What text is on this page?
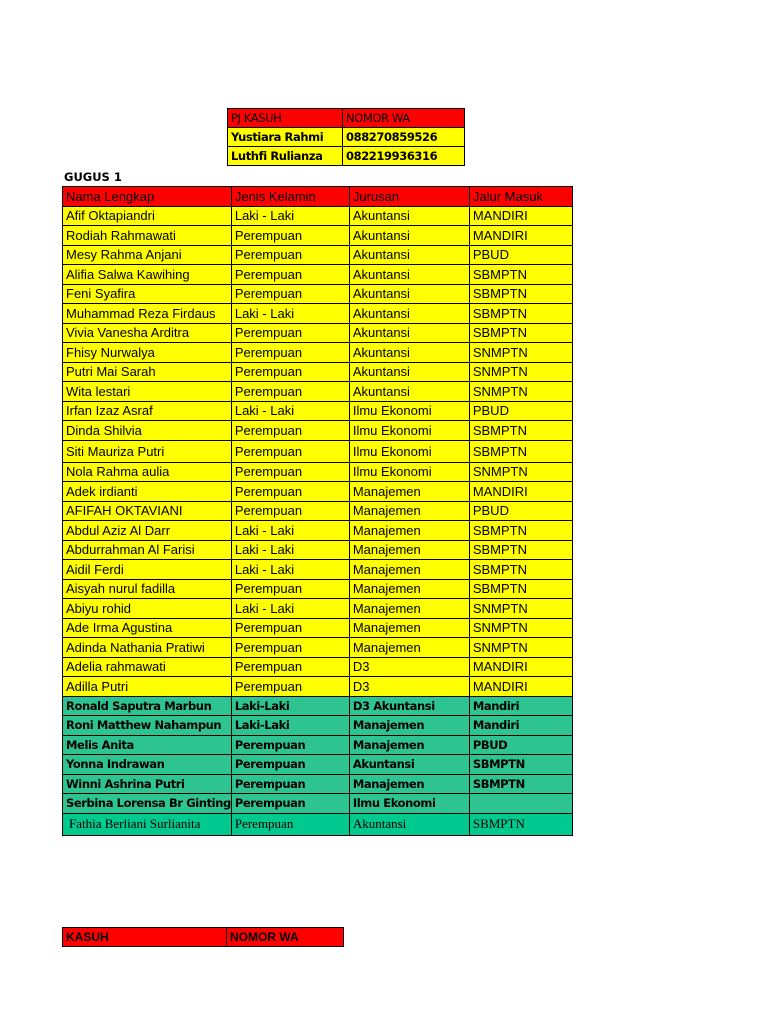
PJ KASUH	NOMOR WA
Yustiara Rahmi	088270859526
Luthfi Rulianza	082219936316
GUGUS 1
Nama Lengkap	Jenis Kelamin	Jurusan	Jalur Masuk
Afif Oktapiandri	Laki - Laki	Akuntansi	MANDIRI
Rodiah Rahmawati	Perempuan	Akuntansi	MANDIRI
Mesy Rahma Anjani	Perempuan	Akuntansi	PBUD
Alifia Salwa Kawihing	Perempuan	Akuntansi	SBMPTN
Feni Syafira	Perempuan	Akuntansi	SBMPTN
Muhammad Reza Firdaus	Laki - Laki	Akuntansi	SBMPTN
Vivia Vanesha Arditra	Perempuan	Akuntansi	SBMPTN
Fhisy Nurwalya	Perempuan	Akuntansi	SNMPTN
Putri Mai Sarah	Perempuan	Akuntansi	SNMPTN
Wita lestari	Perempuan	Akuntansi	SNMPTN
Irfan Izaz Asraf	Laki - Laki	Ilmu Ekonomi	PBUD
Dinda Shilvia	Perempuan	Ilmu Ekonomi	SBMPTN
Siti Mauriza Putri	Perempuan	Ilmu Ekonomi	SBMPTN
Nola Rahma aulia	Perempuan	Ilmu Ekonomi	SNMPTN
Adek irdianti	Perempuan	Manajemen	MANDIRI
AFIFAH OKTAVIANI	Perempuan	Manajemen	PBUD
Abdul Aziz Al Darr	Laki - Laki	Manajemen	SBMPTN
Abdurrahman Al Farisi	Laki - Laki	Manajemen	SBMPTN
Aidil Ferdi	Laki - Laki	Manajemen	SBMPTN
Aisyah nurul fadilla	Perempuan	Manajemen	SBMPTN
Abiyu rohid	Laki - Laki	Manajemen	SNMPTN
Ade Irma Agustina	Perempuan	Manajemen	SNMPTN
Adinda Nathania Pratiwi	Perempuan	Manajemen	SNMPTN
Adelia rahmawati	Perempuan	D3	MANDIRI
Adilla Putri	Perempuan	D3	MANDIRI
Ronald Saputra Marbun	Laki-Laki	D3 Akuntansi	Mandiri
Roni Matthew Nahampun	Laki-Laki	Manajemen	Mandiri
Melis Anita	Perempuan	Manajemen	PBUD
Yonna Indrawan	Perempuan	Akuntansi	SBMPTN
Winni Ashrina Putri	Perempuan	Manajemen	SBMPTN
Serbina Lorensa Br Ginting	Perempuan	Ilmu Ekonomi	
Fathia Berliani Surlianita	Perempuan	Akuntansi	SBMPTN
KASUH	NOMOR WA
